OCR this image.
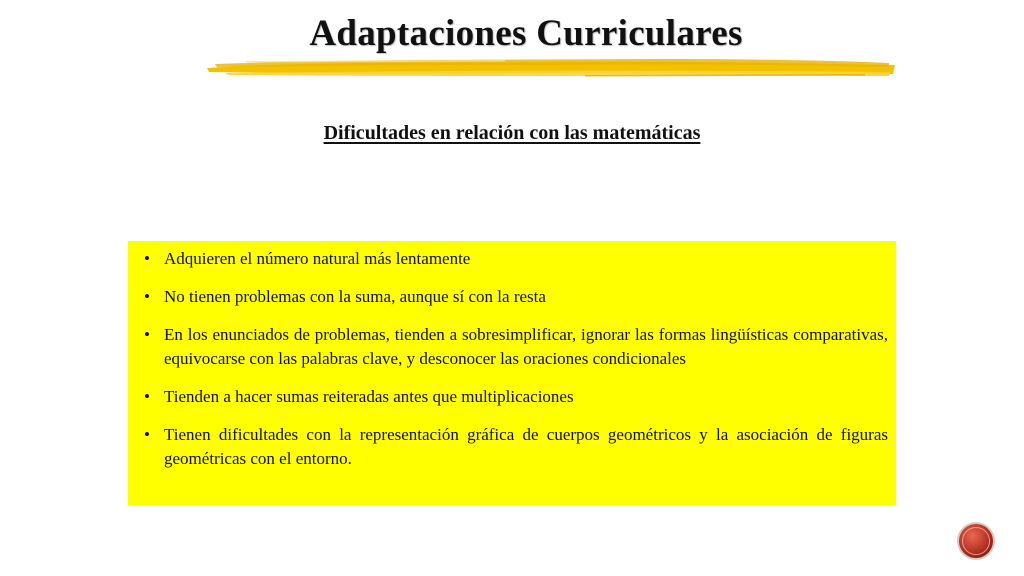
Adaptaciones Curriculares
Dificultades en relación con las matemáticas
• Adquieren el número natural más lentamente
• No tienen problemas con la suma, aunque sí con la resta
• En los enunciados de problemas, tienden a sobresimplificar, ignorar las formas lingüísticas comparativas, equivocarse con las palabras clave, y desconocer las oraciones condicionales
• Tienden a hacer sumas reiteradas antes que multiplicaciones
• Tienen dificultades con la representación gráfica de cuerpos geométricos y la asociación de figuras geométricas con el entorno.
